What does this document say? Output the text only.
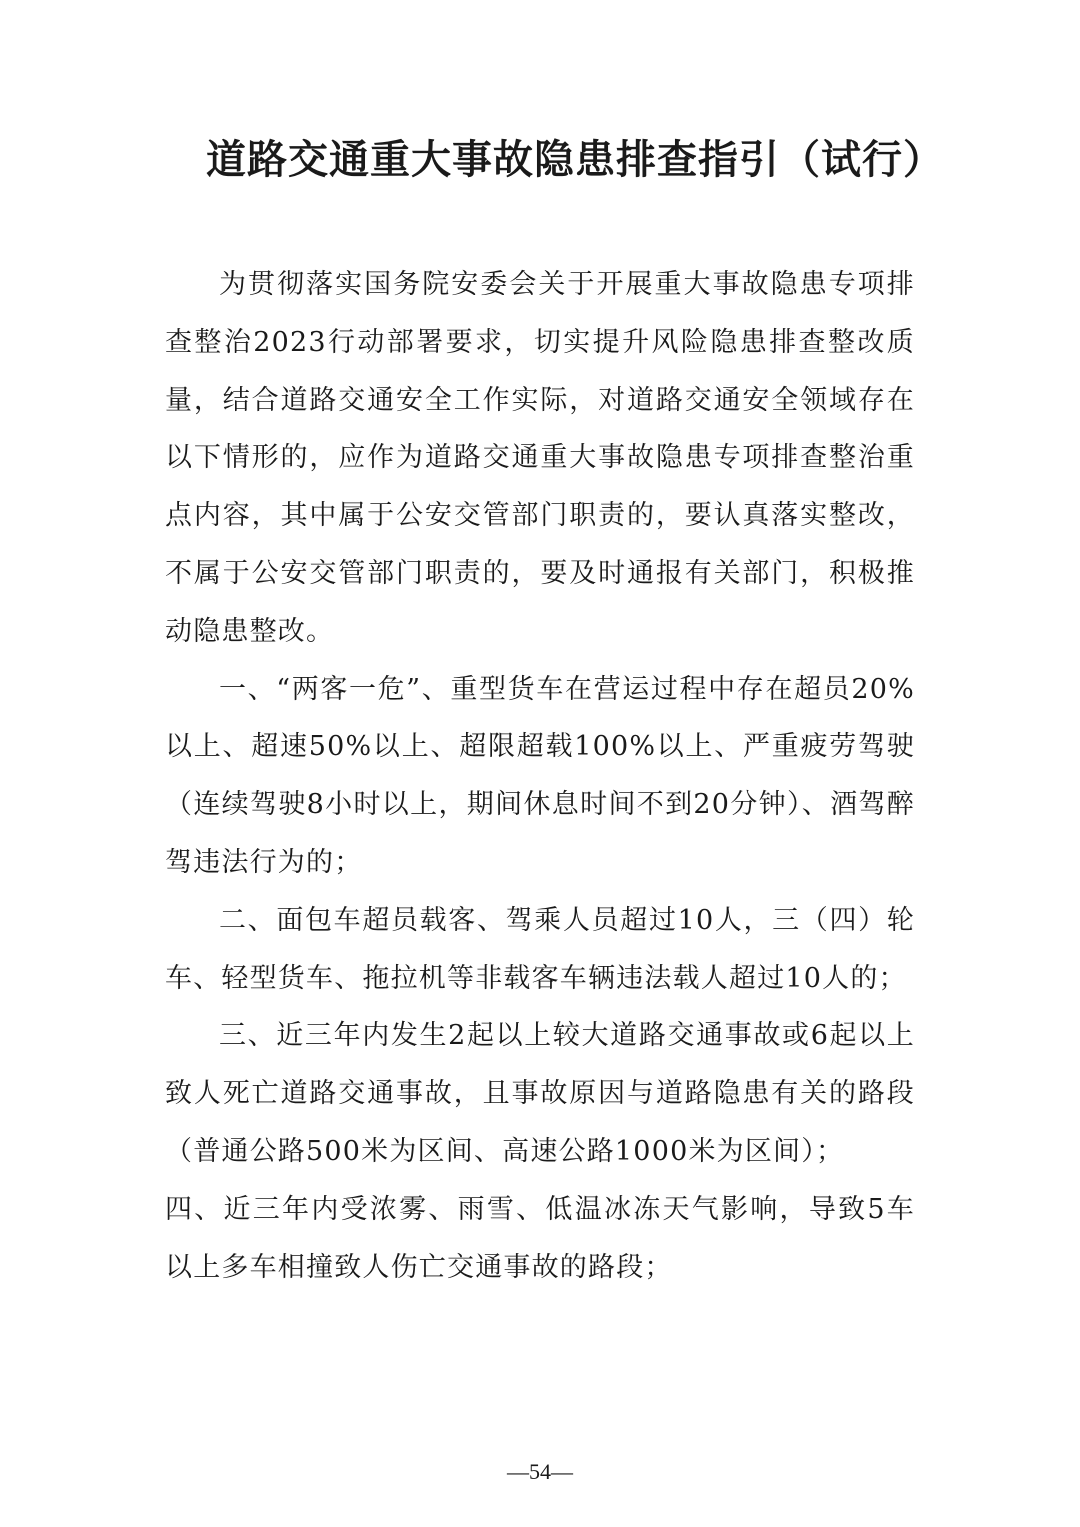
道路交通重大事故隐患排查指引（试行）

为贯彻落实国务院安委会关于开展重大事故隐患专项排查整治2023行动部署要求，切实提升风险隐患排查整改质量，结合道路交通安全工作实际，对道路交通安全领域存在以下情形的，应作为道路交通重大事故隐患专项排查整治重点内容，其中属于公安交管部门职责的，要认真落实整改，不属于公安交管部门职责的，要及时通报有关部门，积极推动隐患整改。

一、“两客一危”、重型货车在营运过程中存在超员20%以上、超速50%以上、超限超载100%以上、严重疲劳驾驶（连续驾驶8小时以上，期间休息时间不到20分钟）、酒驾醉驾违法行为的；

二、面包车超员载客、驾乘人员超过10人，三（四）轮车、轻型货车、拖拉机等非载客车辆违法载人超过10人的；

三、近三年内发生2起以上较大道路交通事故或6起以上致人死亡道路交通事故，且事故原因与道路隐患有关的路段（普通公路500米为区间、高速公路1000米为区间）；

四、近三年内受浓雾、雨雪、低温冰冻天气影响，导致5车以上多车相撞致人伤亡交通事故的路段；

—54—
